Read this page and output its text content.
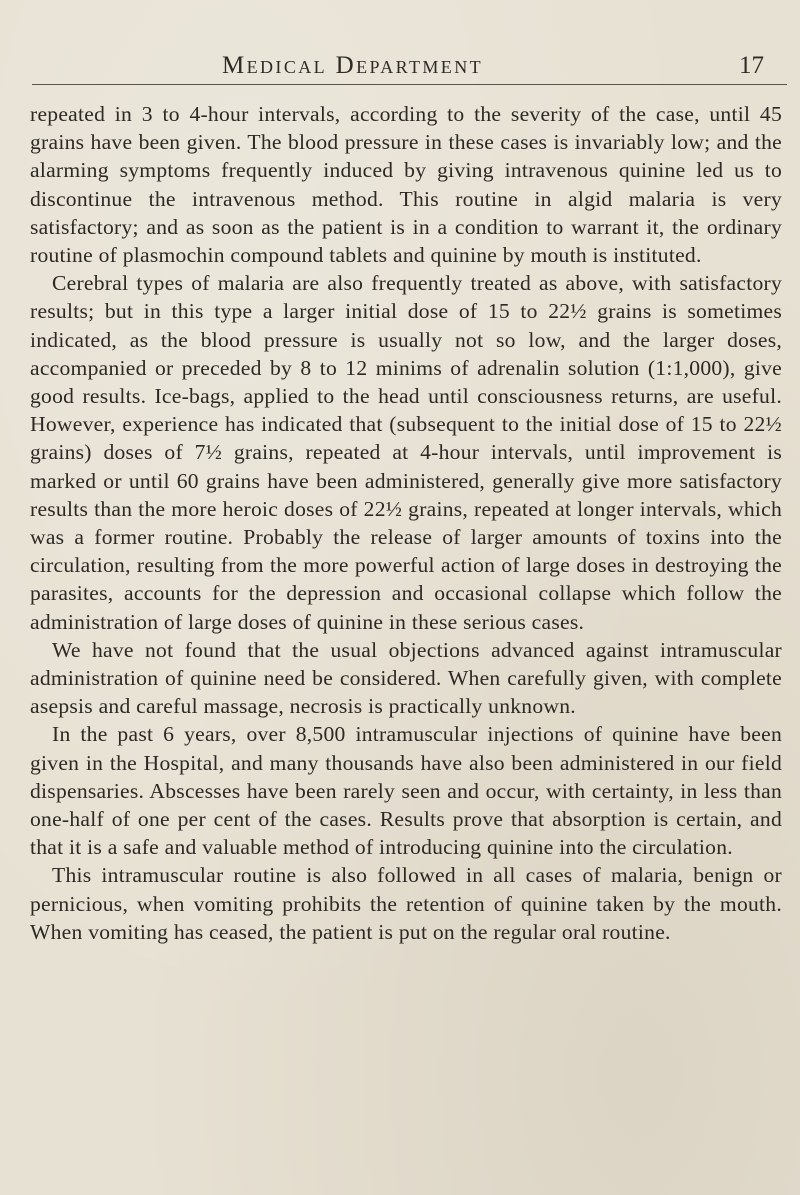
Medical Department	17

repeated in 3 to 4-hour intervals, according to the severity of the case, until 45 grains have been given. The blood pressure in these cases is invariably low; and the alarming symptoms frequently induced by giving intravenous quinine led us to discontinue the intravenous method. This routine in algid malaria is very satisfactory; and as soon as the patient is in a condition to warrant it, the ordinary routine of plasmochin compound tablets and quinine by mouth is instituted.

Cerebral types of malaria are also frequently treated as above, with satisfactory results; but in this type a larger initial dose of 15 to 22½ grains is sometimes indicated, as the blood pressure is usually not so low, and the larger doses, accompanied or preceded by 8 to 12 minims of adrenalin solution (1:1,000), give good results. Ice-bags, applied to the head until consciousness returns, are useful. However, experience has indicated that (subsequent to the initial dose of 15 to 22½ grains) doses of 7½ grains, repeated at 4-hour intervals, until improvement is marked or until 60 grains have been administered, generally give more satisfactory results than the more heroic doses of 22½ grains, repeated at longer intervals, which was a former routine. Probably the release of larger amounts of toxins into the circulation, resulting from the more powerful action of large doses in destroying the parasites, accounts for the depression and occasional collapse which follow the administration of large doses of quinine in these serious cases.

We have not found that the usual objections advanced against intramuscular administration of quinine need be considered. When carefully given, with complete asepsis and careful massage, necrosis is practically unknown.

In the past 6 years, over 8,500 intramuscular injections of quinine have been given in the Hospital, and many thousands have also been administered in our field dispensaries. Abscesses have been rarely seen and occur, with certainty, in less than one-half of one per cent of the cases. Results prove that absorption is certain, and that it is a safe and valuable method of introducing quinine into the circulation.

This intramuscular routine is also followed in all cases of malaria, benign or pernicious, when vomiting prohibits the retention of quinine taken by the mouth. When vomiting has ceased, the patient is put on the regular oral routine.
